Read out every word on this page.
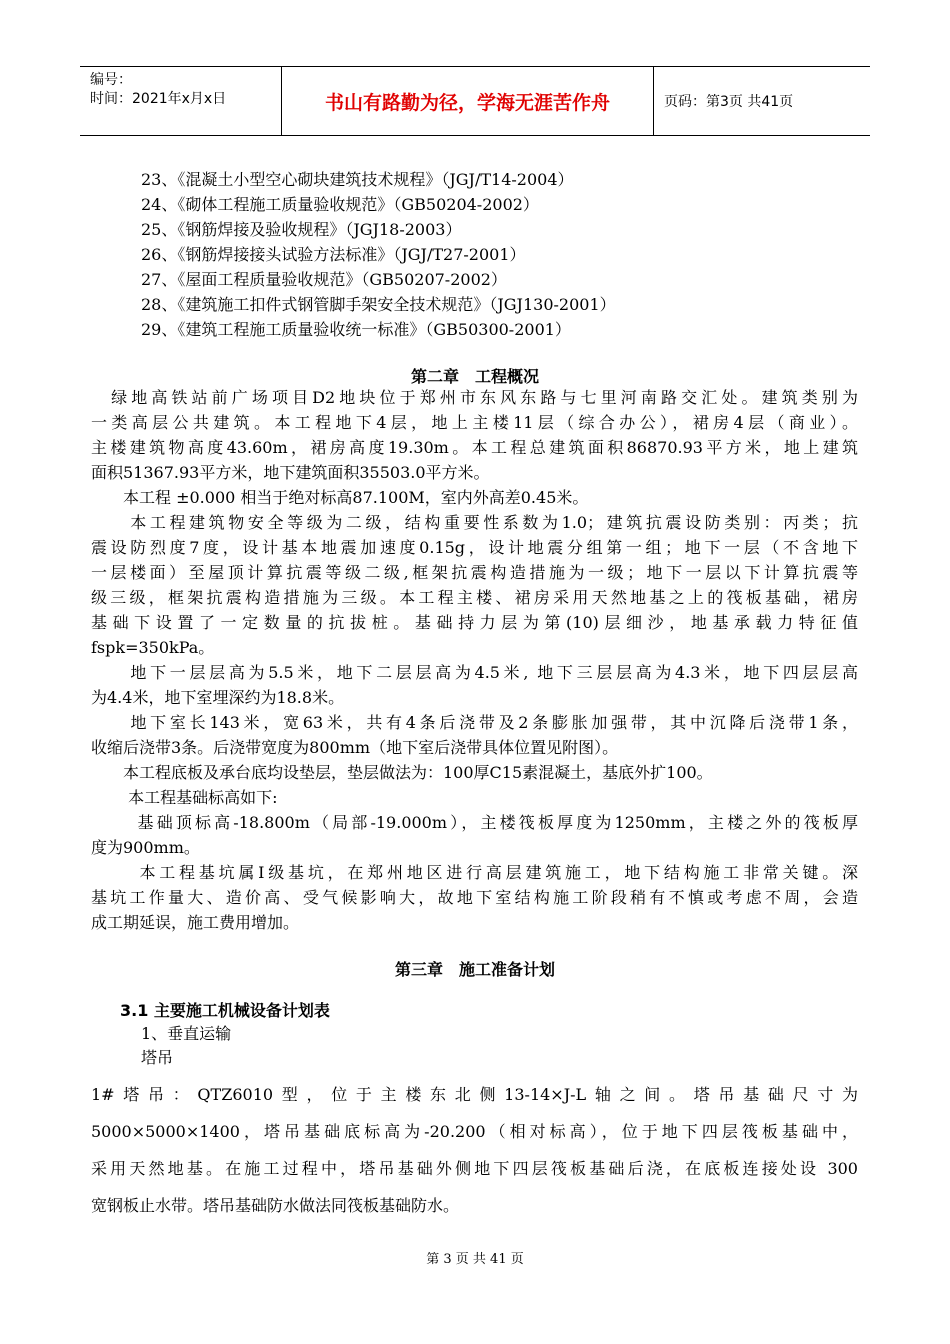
编号：
时间：2021年x月x日	书山有路勤为径，学海无涯苦作舟	页码：第3页 共41页
23、《混凝土小型空心砌块建筑技术规程》（JGJ/T14-2004）
24、《砌体工程施工质量验收规范》（GB50204-2002）
25、《钢筋焊接及验收规程》（JGJ18-2003）
26、《钢筋焊接接头试验方法标准》（JGJ/T27-2001）
27、《屋面工程质量验收规范》（GB50207-2002）
28、《建筑施工扣件式钢管脚手架安全技术规范》（JGJ130-2001）
29、《建筑工程施工质量验收统一标准》（GB50300-2001）
第二章　工程概况
　绿地高铁站前广场项目D2地块位于郑州市东风东路与七里河南路交汇处。建筑类别为
一类高层公共建筑。本工程地下4层，地上主楼11层（综合办公），裙房4层（商业）。
主楼建筑物高度43.60m，裙房高度19.30m。本工程总建筑面积86870.93平方米，地上建筑
面积51367.93平方米，地下建筑面积35503.0平方米。
　　本工程 ±0.000 相当于绝对标高87.100M，室内外高差0.45米。
　　本工程建筑物安全等级为二级，结构重要性系数为1.0；建筑抗震设防类别：丙类；抗
震设防烈度7度，设计基本地震加速度0.15g，设计地震分组第一组；地下一层（不含地下
一层楼面）至屋顶计算抗震等级二级,框架抗震构造措施为一级；地下一层以下计算抗震等
级三级，框架抗震构造措施为三级。本工程主楼、裙房采用天然地基之上的筏板基础，裙房
基础下设置了一定数量的抗拔桩。基础持力层为第(10)层细沙，地基承载力特征值
fspk=350kPa。
　　地下一层层高为5.5米，地下二层层高为4.5米, 地下三层层高为4.3米，地下四层层高
为4.4米，地下室埋深约为18.8米。
　　地下室长143米，宽63米，共有4条后浇带及2条膨胀加强带，其中沉降后浇带1条，
收缩后浇带3条。后浇带宽度为800mm（地下室后浇带具体位置见附图）。
　　本工程底板及承台底均设垫层，垫层做法为：100厚C15素混凝土，基底外扩100。
　　 本工程基础标高如下:
　　 基础顶标高-18.800m（局部-19.000m），主楼筏板厚度为1250mm，主楼之外的筏板厚
度为900mm。
　　 本工程基坑属Ⅰ级基坑，在郑州地区进行高层建筑施工，地下结构施工非常关键。深
基坑工作量大、造价高、受气候影响大，故地下室结构施工阶段稍有不慎或考虑不周，会造
成工期延误，施工费用增加。
第三章　施工准备计划
3.1 主要施工机械设备计划表
1、垂直运输
塔吊
1#塔吊：QTZ6010型，位于主楼东北侧13-14×J-L轴之间。塔吊基础尺寸为
5000×5000×1400，塔吊基础底标高为-20.200（相对标高），位于地下四层筏板基础中，
采用天然地基。在施工过程中，塔吊基础外侧地下四层筏板基础后浇，在底板连接处设 300
宽钢板止水带。塔吊基础防水做法同筏板基础防水。
第 3 页 共 41 页
